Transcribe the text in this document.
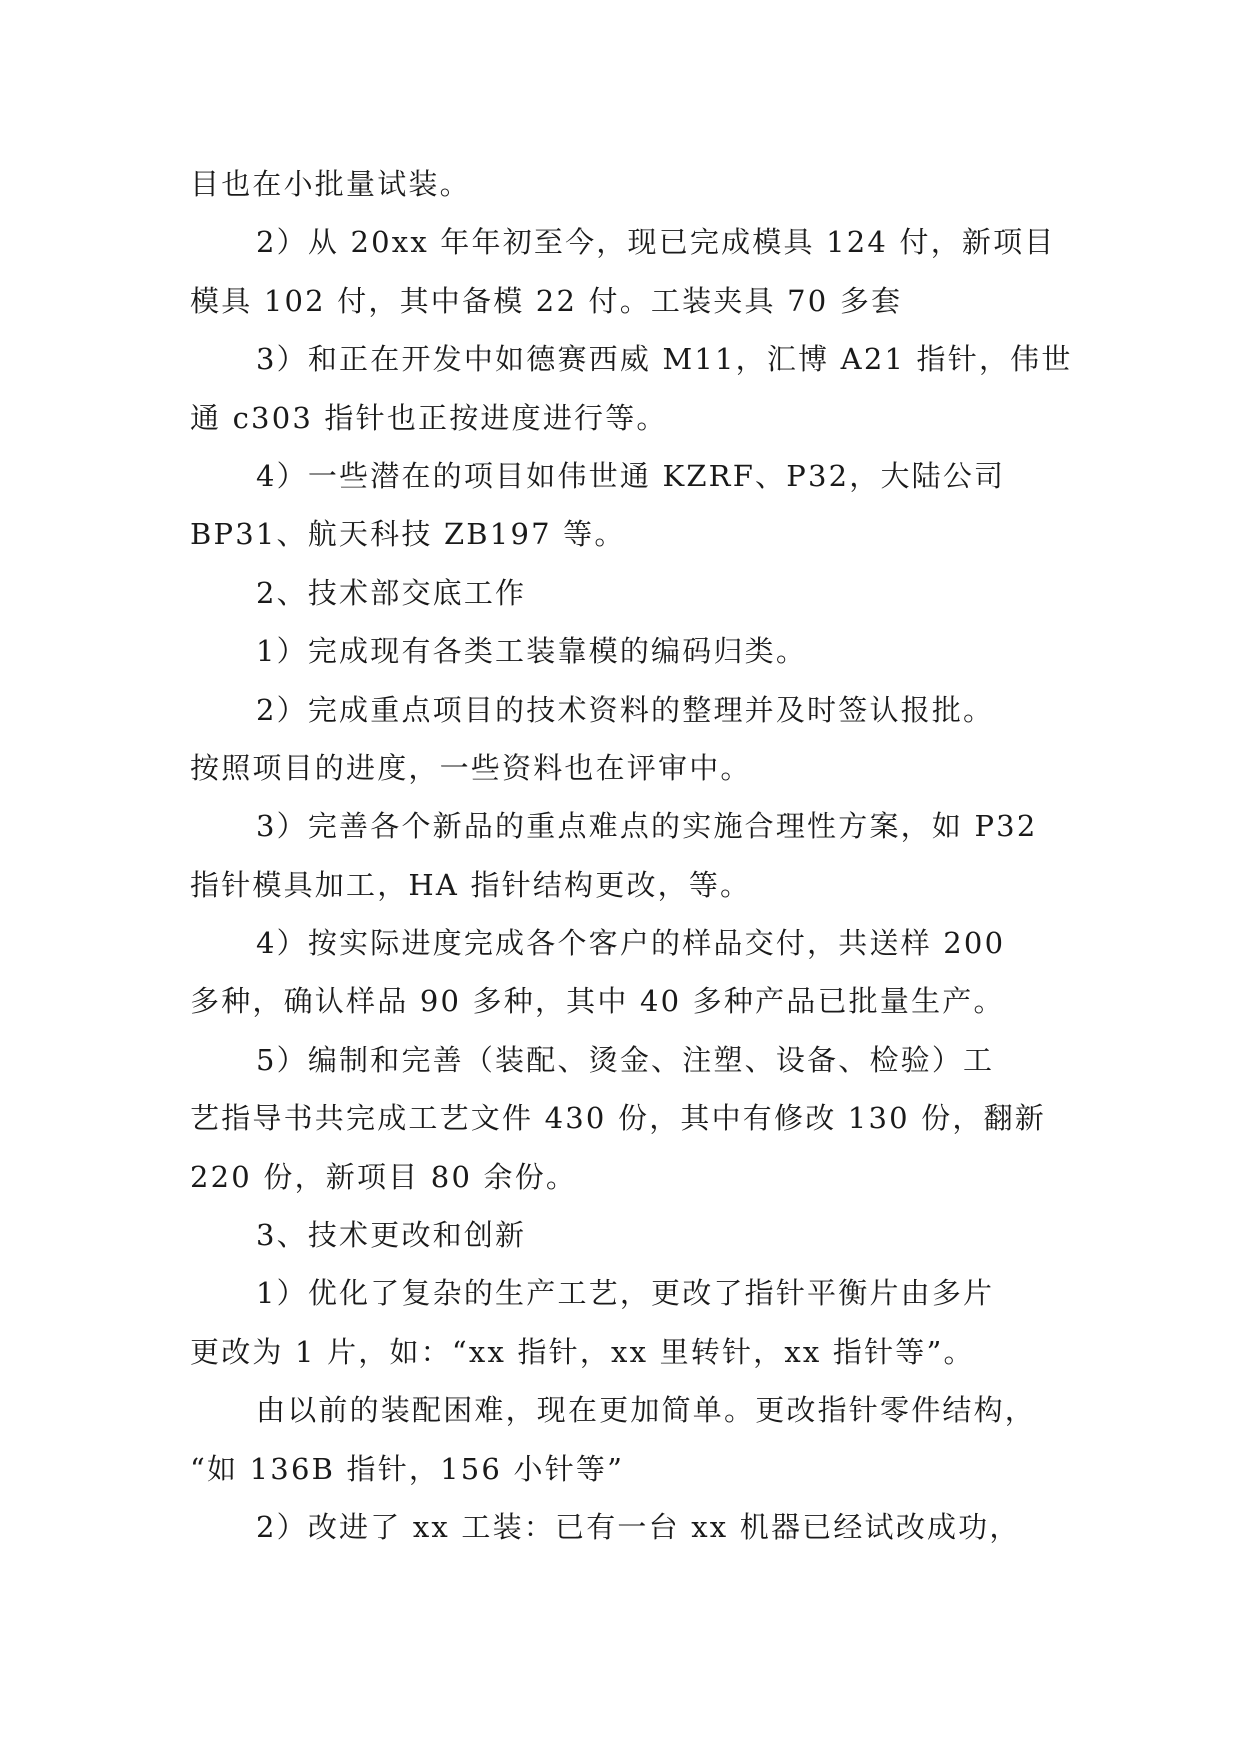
目也在小批量试装。
2）从 20xx 年年初至今，现已完成模具 124 付，新项目
模具 102 付，其中备模 22 付。工装夹具 70 多套
3）和正在开发中如德赛西威 M11，汇博 A21 指针，伟世
通 c303 指针也正按进度进行等。
4）一些潜在的项目如伟世通 KZRF、P32，大陆公司
BP31、航天科技 ZB197 等。
2、技术部交底工作
1）完成现有各类工装靠模的编码归类。
2）完成重点项目的技术资料的整理并及时签认报批。
按照项目的进度，一些资料也在评审中。
3）完善各个新品的重点难点的实施合理性方案，如 P32
指针模具加工，HA 指针结构更改，等。
4）按实际进度完成各个客户的样品交付，共送样 200
多种，确认样品 90 多种，其中 40 多种产品已批量生产。
5）编制和完善（装配、烫金、注塑、设备、检验）工
艺指导书共完成工艺文件 430 份，其中有修改 130 份，翻新
220 份，新项目 80 余份。
3、技术更改和创新
1）优化了复杂的生产工艺，更改了指针平衡片由多片
更改为 1 片，如：“xx 指针，xx 里转针，xx 指针等”。
由以前的装配困难，现在更加简单。更改指针零件结构，
“如 136B 指针，156 小针等”
2）改进了 xx 工装：已有一台 xx 机器已经试改成功，
